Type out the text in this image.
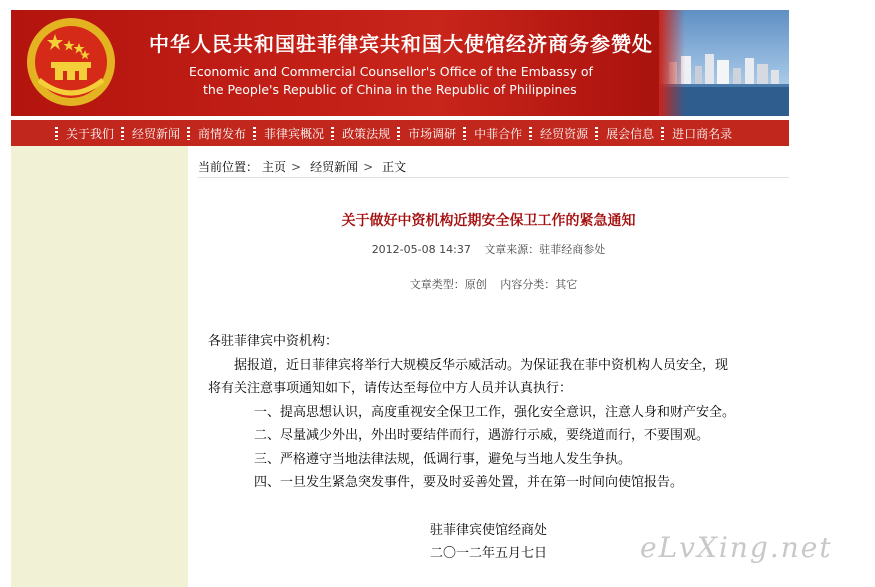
中华人民共和国驻菲律宾共和国大使馆经济商务参赞处
Economic and Commercial Counsellor's Office of the Embassy of
the People's Republic of China in the Republic of Philippines
关于我们 经贸新闻 商情发布 菲律宾概况 政策法规 市场调研 中菲合作 经贸资源 展会信息 进口商名录
当前位置： 主页 > 经贸新闻 > 正文
关于做好中资机构近期安全保卫工作的紧急通知
2012-05-08 14:37 文章来源：驻菲经商参处
文章类型：原创 内容分类：其它

各驻菲律宾中资机构：

据报道，近日菲律宾将举行大规模反华示威活动。为保证我在菲中资机构人员安全，现

将有关注意事项通知如下，请传达至每位中方人员并认真执行：

一、提高思想认识，高度重视安全保卫工作，强化安全意识，注意人身和财产安全。

二、尽量减少外出，外出时要结伴而行，遇游行示威，要绕道而行，不要围观。

三、严格遵守当地法律法规，低调行事，避免与当地人发生争执。

四、一旦发生紧急突发事件，要及时妥善处置，并在第一时间向使馆报告。

驻菲律宾使馆经商处

二〇一二年五月七日	eLvXing.net
